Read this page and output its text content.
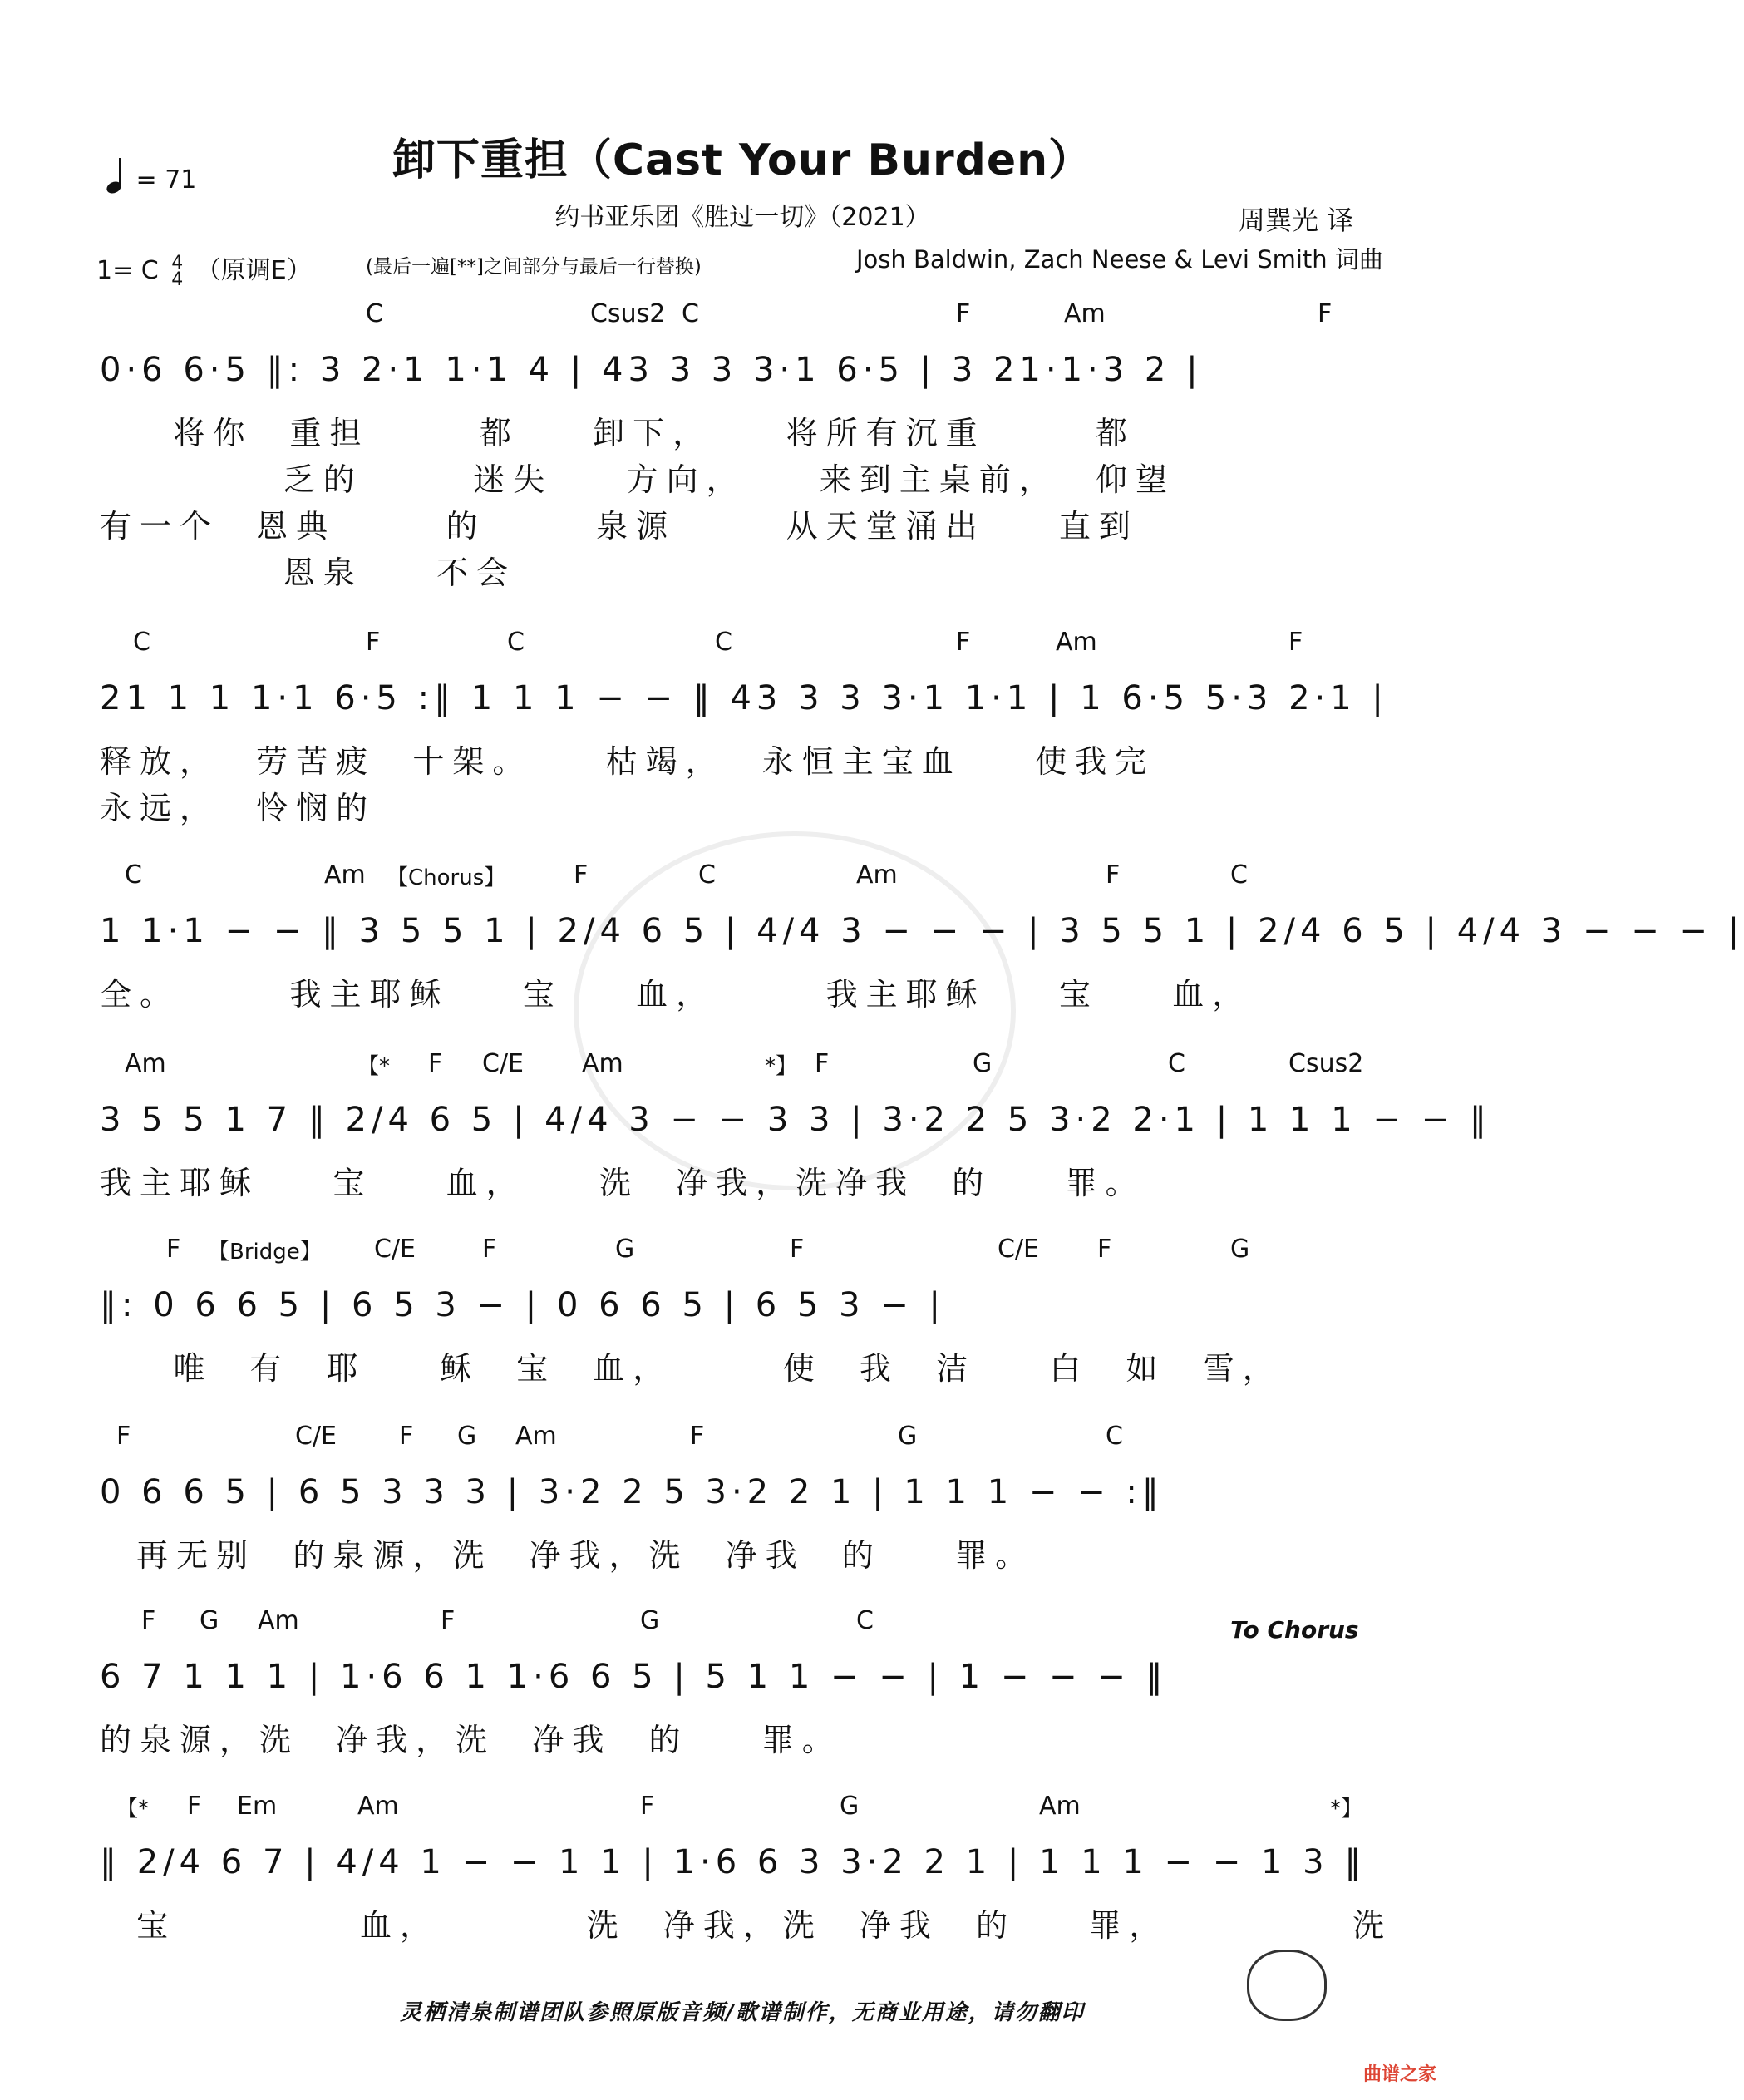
卸下重担（Cast Your Burden）
约书亚乐团《胜过一切》（2021）
= 71
周巽光 译
1= C 4
4 （原调E）	(最后一遍[**]之间部分与最后一行替换)	Josh Baldwin, Zach Neese & Levi Smith 词曲
C	Csus2 C	F	Am	F
0·6 6·5 ‖: 3 2·1 1·1 4 | 43 3 3 3·1 6·5 | 3 21·1·3 2 |
将你  重担      都    卸下，    将所有沉重      都
乏的      迷失    方向，    来到主桌前，  仰望
有一个  恩典      的      泉源      从天堂涌出    直到
恩泉    不会
C	F	C	C	F	Am	F
21 1 1 1·1 6·5 :‖ 1 1 1 − − ‖ 43 3 3 3·1 1·1 | 1 6·5 5·3 2·1 |
释放，  劳苦疲  十架。    枯竭，  永恒主宝血    使我完
永远，  怜悯的
C	Am	F	C	Am	F	C
【Chorus】
1 1·1 − − ‖ 3 5 5 1 | 2/4 6 5 | 4/4 3 − − − | 3 5 5 1 | 2/4 6 5 | 4/4 3 − − − |
全。      我主耶稣    宝    血，      我主耶稣    宝    血，
Am	F C/E Am	F	G	C	Csus2
【*	*】
3 5 5 1 7 ‖ 2/4 6 5 | 4/4 3 − − 3 3 | 3·2 2 5 3·2 2·1 | 1 1 1 − − ‖
我主耶稣    宝    血，    洗  净我，洗净我  的    罪。
F	C/E	F	G	F	C/E F	G
【Bridge】
‖: 0 6 6 5 | 6 5 3 − | 0 6 6 5 | 6 5 3 − |
唯  有  耶    稣  宝  血，      使  我  洁    白  如  雪，
F	C/E F G Am	F	G	C
0 6 6 5 | 6 5 3 3 3 | 3·2 2 5 3·2 2 1 | 1 1 1 − − :‖
再无别  的泉源，洗  净我，洗  净我  的    罪。
F G Am	F	G	C
6 7 1 1 1 | 1·6 6 1 1·6 6 5 | 5 1 1 − − | 1 − − − ‖
的泉源，洗  净我，洗  净我  的    罪。
To Chorus
F Em	Am	F	G	Am
【*	*】
‖ 2/4 6 7 | 4/4 1 − − 1 1 | 1·6 6 3 3·2 2 1 | 1 1 1 − − 1 3 ‖
宝          血，        洗  净我，洗  净我  的    罪，          洗
灵栖清泉制谱团队参照原版音频/歌谱制作，无商业用途，请勿翻印
曲谱之家
